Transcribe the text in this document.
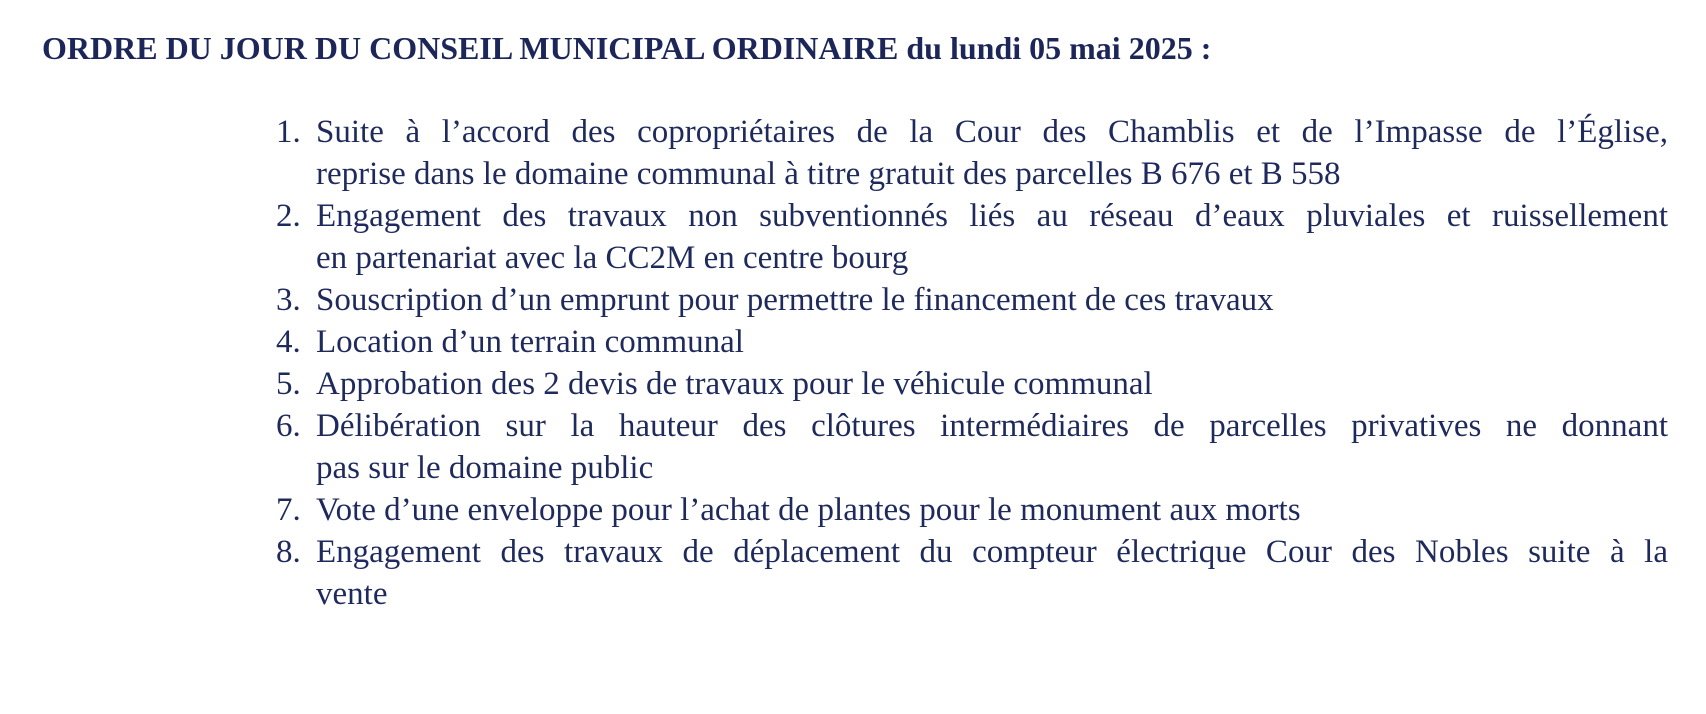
ORDRE DU JOUR DU CONSEIL MUNICIPAL ORDINAIRE du lundi 05 mai 2025 :
1. Suite à l’accord des copropriétaires de la Cour des Chamblis et de l’Impasse de l’Église,
reprise dans le domaine communal à titre gratuit des parcelles B 676 et B 558
2. Engagement des travaux non subventionnés liés au réseau d’eaux pluviales et ruissellement
en partenariat avec la CC2M en centre bourg
3. Souscription d’un emprunt pour permettre le financement de ces travaux
4. Location d’un terrain communal
5. Approbation des 2 devis de travaux pour le véhicule communal
6. Délibération sur la hauteur des clôtures intermédiaires de parcelles privatives ne donnant
pas sur le domaine public
7. Vote d’une enveloppe pour l’achat de plantes pour le monument aux morts
8. Engagement des travaux de déplacement du compteur électrique Cour des Nobles suite à la
vente
